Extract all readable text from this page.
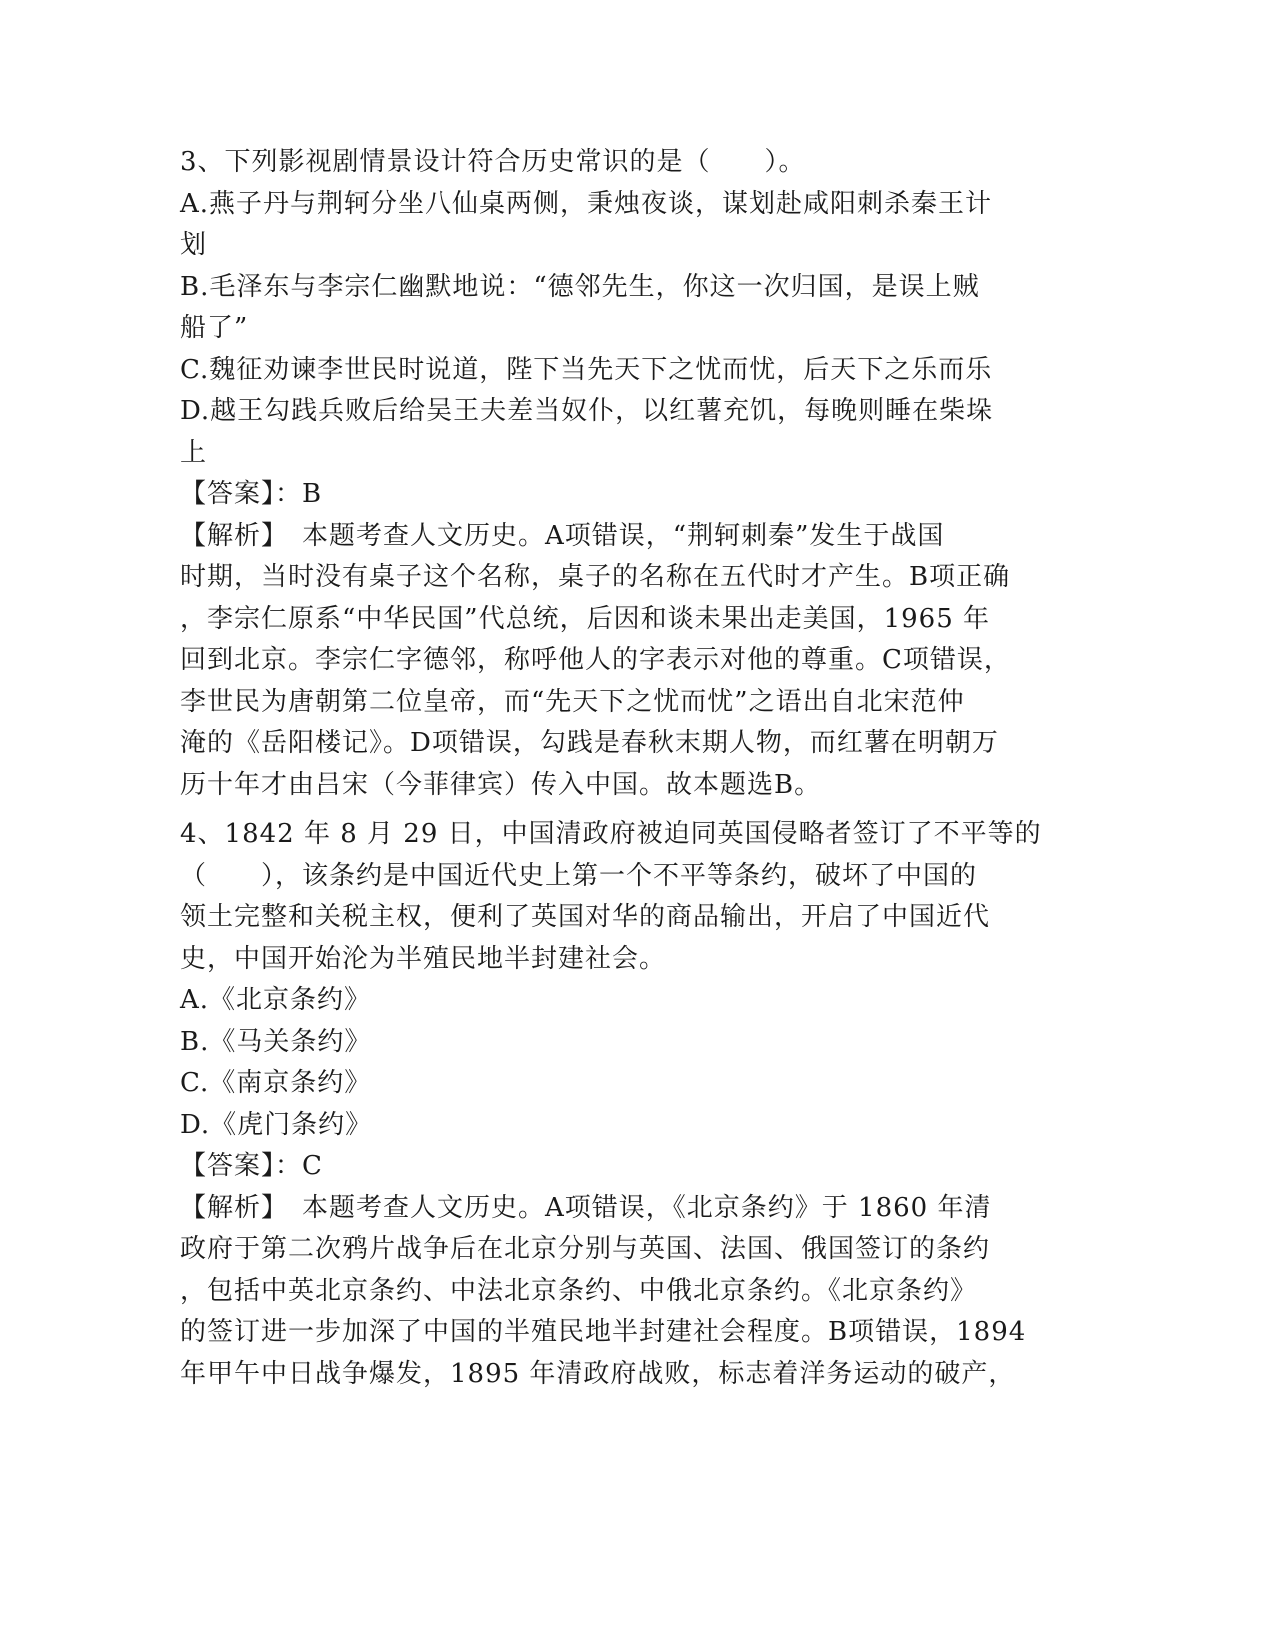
3、下列影视剧情景设计符合历史常识的是（　　）。
A.燕子丹与荆轲分坐八仙桌两侧，秉烛夜谈，谋划赴咸阳刺杀秦王计
划
B.毛泽东与李宗仁幽默地说：“德邻先生，你这一次归国，是误上贼
船了”
C.魏征劝谏李世民时说道，陛下当先天下之忧而忧，后天下之乐而乐
D.越王勾践兵败后给吴王夫差当奴仆，以红薯充饥，每晚则睡在柴垛
上
【答案】：B
【解析】　本题考查人文历史。A项错误，“荆轲刺秦”发生于战国
时期，当时没有桌子这个名称，桌子的名称在五代时才产生。B项正确
，李宗仁原系“中华民国”代总统，后因和谈未果出走美国，1965 年
回到北京。李宗仁字德邻，称呼他人的字表示对他的尊重。C项错误，
李世民为唐朝第二位皇帝，而“先天下之忧而忧”之语出自北宋范仲
淹的《岳阳楼记》。D项错误，勾践是春秋末期人物，而红薯在明朝万
历十年才由吕宋（今菲律宾）传入中国。故本题选B。
4、1842 年 8 月 29 日，中国清政府被迫同英国侵略者签订了不平等的
（　　），该条约是中国近代史上第一个不平等条约，破坏了中国的
领土完整和关税主权，便利了英国对华的商品输出，开启了中国近代
史，中国开始沦为半殖民地半封建社会。
A.《北京条约》
B.《马关条约》
C.《南京条约》
D.《虎门条约》
【答案】：C
【解析】　本题考查人文历史。A项错误，《北京条约》于 1860 年清
政府于第二次鸦片战争后在北京分别与英国、法国、俄国签订的条约
，包括中英北京条约、中法北京条约、中俄北京条约。《北京条约》
的签订进一步加深了中国的半殖民地半封建社会程度。B项错误，1894
年甲午中日战争爆发，1895 年清政府战败，标志着洋务运动的破产，
